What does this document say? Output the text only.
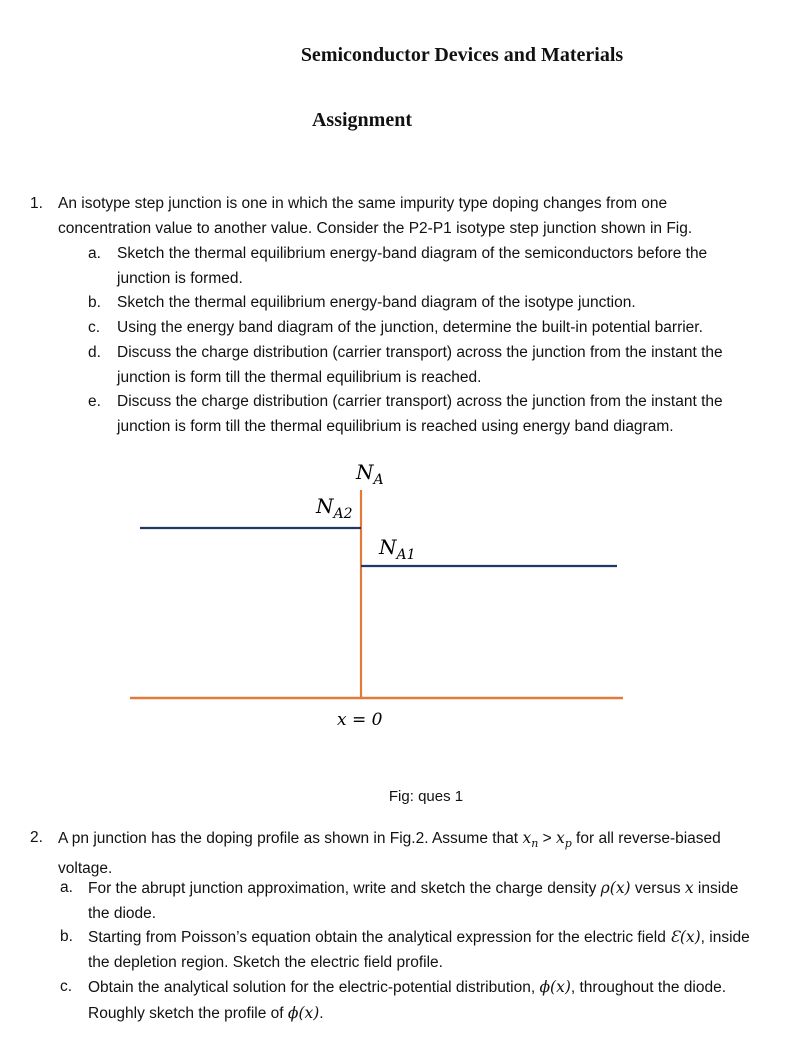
Semiconductor Devices and Materials
Assignment
1. An isotype step junction is one in which the same impurity type doping changes from one concentration value to another value. Consider the P2-P1 isotype step junction shown in Fig.
a. Sketch the thermal equilibrium energy-band diagram of the semiconductors before the junction is formed.
b. Sketch the thermal equilibrium energy-band diagram of the isotype junction.
c. Using the energy band diagram of the junction, determine the built-in potential barrier.
d. Discuss the charge distribution (carrier transport) across the junction from the instant the junction is form till the thermal equilibrium is reached.
e. Discuss the charge distribution (carrier transport) across the junction from the instant the junction is form till the thermal equilibrium is reached using energy band diagram.
$N_A$
$N_{A2}$
$N_{A1}$
x = 0
Fig: ques 1
2. A pn junction has the doping profile as shown in Fig.2. Assume that $x_n > x_p$ for all reverse-biased voltage.
a. For the abrupt junction approximation, write and sketch the charge density ρ(x) versus x inside the diode.
b. Starting from Poisson’s equation obtain the analytical expression for the electric field Ɛ(x), inside the depletion region. Sketch the electric field profile.
c. Obtain the analytical solution for the electric-potential distribution, ϕ(x), throughout the diode. Roughly sketch the profile of ϕ(x).
